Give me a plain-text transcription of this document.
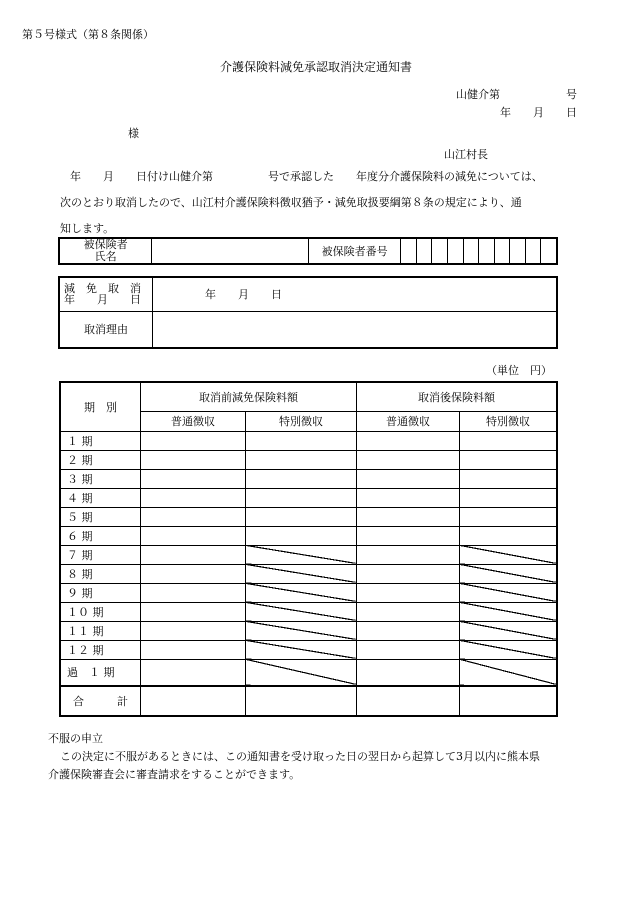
第５号様式（第８条関係）
介護保険料減免承認取消決定通知書
山健介第　　　　　　号
年　　月　　日
様
山江村長
年　　月　　日付け山健介第　　　　　号で承認した　　年度分介護保険料の減免については、
次のとおり取消したので、山江村介護保険料徴収猶予・減免取扱要綱第８条の規定により、通
知します。
被保険者
氏名		被保険者番号										
減　免　取　消
年　　月　　日	年　　月　　日
取消理由	
（単位　円）
期　別	取消前減免保険料額		取消後保険料額	
	普通徴収	特別徴収	普通徴収	特別徴収
１ 期				
２ 期				
３ 期				
４ 期				
５ 期				
６ 期				
７ 期				
８ 期				
９ 期				
１０ 期				
１１ 期				
１２ 期				
過　１ 期				
合　　　計				
不服の申立
この決定に不服があるときには、この通知書を受け取った日の翌日から起算して3月以内に熊本県
介護保険審査会に審査請求をすることができます。
